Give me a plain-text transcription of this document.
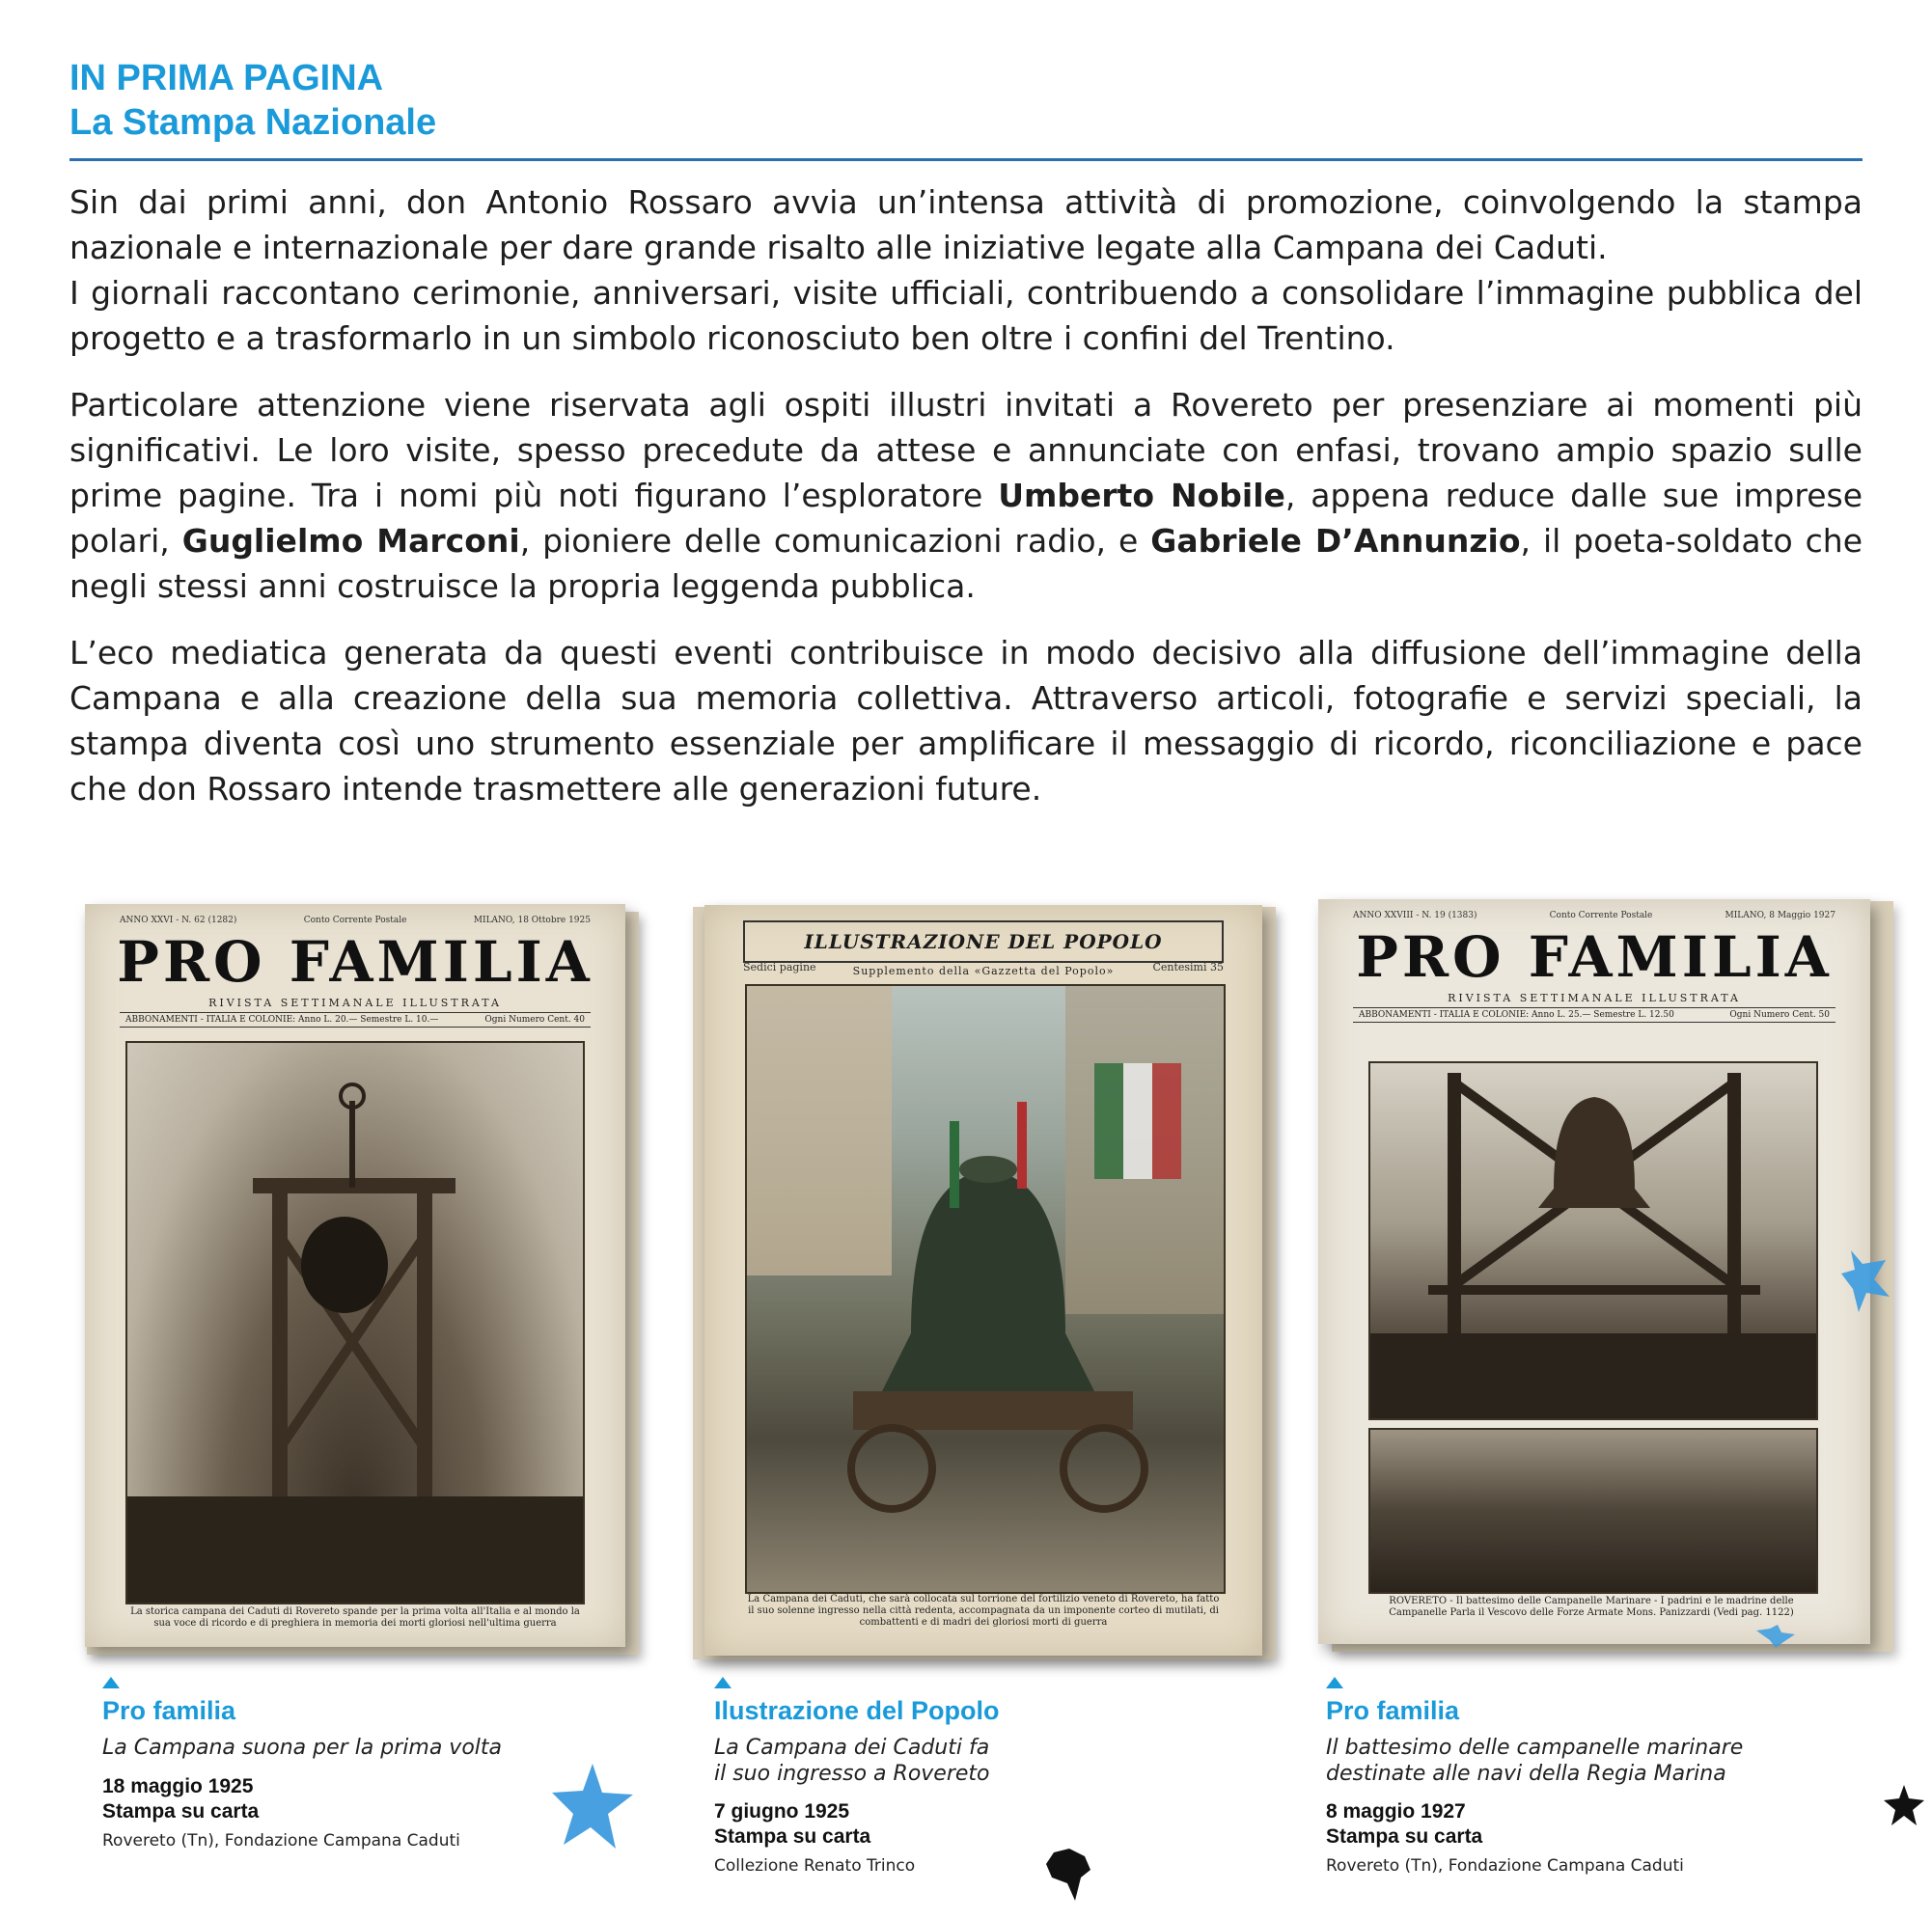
IN PRIMA PAGINA
La Stampa Nazionale

Sin dai primi anni, don Antonio Rossaro avvia un’intensa attività di promozione, coinvolgendo la stampa nazionale e internazionale per dare grande risalto alle iniziative legate alla Campana dei Caduti.
I giornali raccontano cerimonie, anniversari, visite ufficiali, contribuendo a consolidare l’immagine pubblica del progetto e a trasformarlo in un simbolo riconosciuto ben oltre i confini del Trentino.

Particolare attenzione viene riservata agli ospiti illustri invitati a Rovereto per presenziare ai momenti più significativi. Le loro visite, spesso precedute da attese e annunciate con enfasi, trovano ampio spazio sulle prime pagine. Tra i nomi più noti figurano l’esploratore Umberto Nobile, appena reduce dalle sue imprese polari, Guglielmo Marconi, pioniere delle comunicazioni radio, e Gabriele D’Annunzio, il poeta-soldato che negli stessi anni costruisce la propria leggenda pubblica.

L’eco mediatica generata da questi eventi contribuisce in modo decisivo alla diffusione dell’immagine della Campana e alla creazione della sua memoria collettiva. Attraverso articoli, fotografie e servizi speciali, la stampa diventa così uno strumento essenziale per amplificare il messaggio di ricordo, riconciliazione e pace che don Rossaro intende trasmettere alle generazioni future.

ANNO XXVI - N. 62 (1282)	Conto Corrente Postale	MILANO, 18 Ottobre 1925
PRO FAMILIA
RIVISTA SETTIMANALE ILLUSTRATA
ABBONAMENTI - ITALIA E COLONIE: Anno L. 20.— Semestre L. 10.—	Ogni Numero Cent. 40
La storica campana dei Caduti di Rovereto spande per la prima volta all'Italia e al mondo la sua voce di ricordo e di preghiera in memoria dei morti gloriosi nell'ultima guerra
Sedici pagine	Centesimi 35
ILLUSTRAZIONE DEL POPOLO
Supplemento della «Gazzetta del Popolo»
La Campana dei Caduti, che sarà collocata sul torrione del fortilizio veneto di Rovereto, ha fatto il suo solenne ingresso nella città redenta, accompagnata da un imponente corteo di mutilati, di combattenti e di madri dei gloriosi morti di guerra
ANNO XXVIII - N. 19 (1383)	Conto Corrente Postale	MILANO, 8 Maggio 1927
PRO FAMILIA
RIVISTA SETTIMANALE ILLUSTRATA
ABBONAMENTI - ITALIA E COLONIE: Anno L. 25.— Semestre L. 12.50	Ogni Numero Cent. 50
ROVERETO - Il battesimo delle Campanelle Marinare - I padrini e le madrine delle Campanelle Parla il Vescovo delle Forze Armate Mons. Panizzardi (Vedi pag. 1122)
Pro familia
La Campana suona per la prima volta
18 maggio 1925
Stampa su carta
Rovereto (Tn), Fondazione Campana Caduti
Ilustrazione del Popolo
La Campana dei Caduti fa
il suo ingresso a Rovereto
7 giugno 1925
Stampa su carta
Collezione Renato Trinco
Pro familia
Il battesimo delle campanelle marinare
destinate alle navi della Regia Marina
8 maggio 1927
Stampa su carta
Rovereto (Tn), Fondazione Campana Caduti
